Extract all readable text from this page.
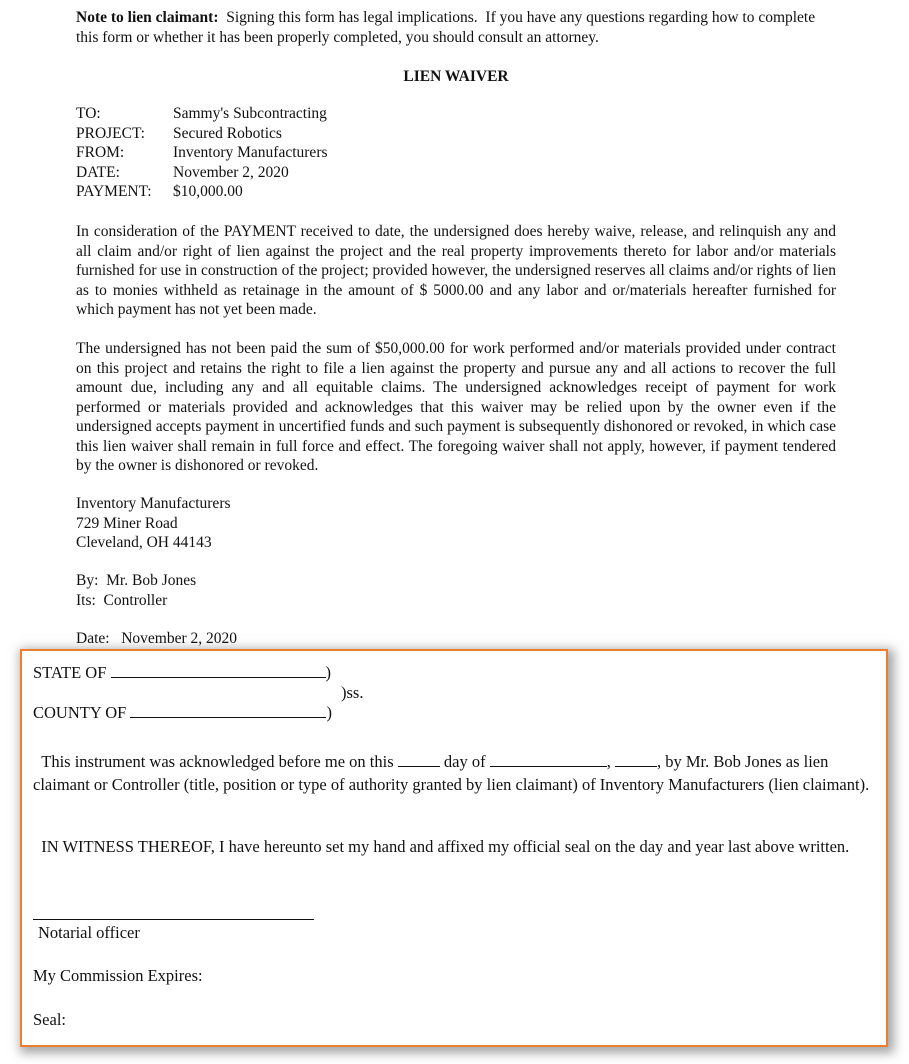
Note to lien claimant:  Signing this form has legal implications.  If you have any questions regarding how to complete this form or whether it has been properly completed, you should consult an attorney.

LIEN WAIVER

TO:	Sammy's Subcontracting
PROJECT:	Secured Robotics
FROM:	Inventory Manufacturers
DATE:	November 2, 2020
PAYMENT:	$10,000.00

In consideration of the PAYMENT received to date, the undersigned does hereby waive, release, and relinquish any and all claim and/or right of lien against the project and the real property improvements thereto for labor and/or materials furnished for use in construction of the project; provided however, the undersigned reserves all claims and/or rights of lien as to monies withheld as retainage in the amount of $ 5000.00 and any labor and or/materials hereafter furnished for which payment has not yet been made.

The undersigned has not been paid the sum of $50,000.00 for work performed and/or materials provided under contract on this project and retains the right to file a lien against the property and pursue any and all actions to recover the full amount due, including any and all equitable claims. The undersigned acknowledges receipt of payment for work performed or materials provided and acknowledges that this waiver may be relied upon by the owner even if the undersigned accepts payment in uncertified funds and such payment is subsequently dishonored or revoked, in which case this lien waiver shall remain in full force and effect. The foregoing waiver shall not apply, however, if payment tendered by the owner is dishonored or revoked.

Inventory Manufacturers
729 Miner Road
Cleveland, OH 44143
By:  Mr. Bob Jones
Its:  Controller
Date:   November 2, 2020
STATE OF	)
)ss.
COUNTY OF	)

This instrument was acknowledged before me on this	day of	,	, by Mr. Bob Jones as lien claimant or Controller (title, position or type of authority granted by lien claimant) of Inventory Manufacturers (lien claimant).

IN WITNESS THEREOF, I have hereunto set my hand and affixed my official seal on the day and year last above written.

Notarial officer
My Commission Expires:
Seal:
